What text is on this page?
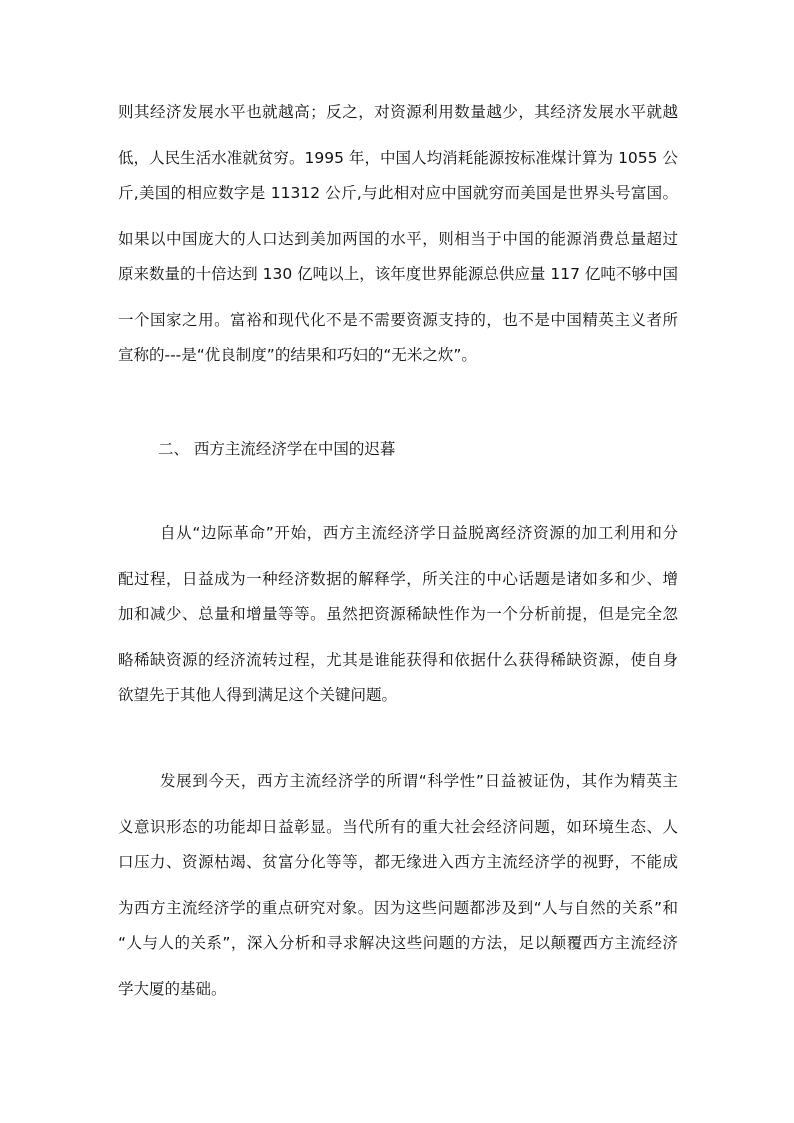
则其经济发展水平也就越高；反之，对资源利用数量越少，其经济发展水平就越
低，人民生活水准就贫穷。1995 年，中国人均消耗能源按标准煤计算为 1055 公
斤,美国的相应数字是 11312 公斤,与此相对应中国就穷而美国是世界头号富国。
如果以中国庞大的人口达到美加两国的水平，则相当于中国的能源消费总量超过
原来数量的十倍达到 130 亿吨以上，该年度世界能源总供应量 117 亿吨不够中国
一个国家之用。富裕和现代化不是不需要资源支持的，也不是中国精英主义者所
宣称的---是“优良制度”的结果和巧妇的“无米之炊”。
二、 西方主流经济学在中国的迟暮
自从“边际革命”开始，西方主流经济学日益脱离经济资源的加工利用和分
配过程，日益成为一种经济数据的解释学，所关注的中心话题是诸如多和少、增
加和减少、总量和增量等等。虽然把资源稀缺性作为一个分析前提，但是完全忽
略稀缺资源的经济流转过程，尤其是谁能获得和依据什么获得稀缺资源，使自身
欲望先于其他人得到满足这个关键问题。
发展到今天，西方主流经济学的所谓“科学性”日益被证伪，其作为精英主
义意识形态的功能却日益彰显。当代所有的重大社会经济问题，如环境生态、人
口压力、资源枯竭、贫富分化等等，都无缘进入西方主流经济学的视野，不能成
为西方主流经济学的重点研究对象。因为这些问题都涉及到“人与自然的关系”和
“人与人的关系”，深入分析和寻求解决这些问题的方法，足以颠覆西方主流经济
学大厦的基础。
